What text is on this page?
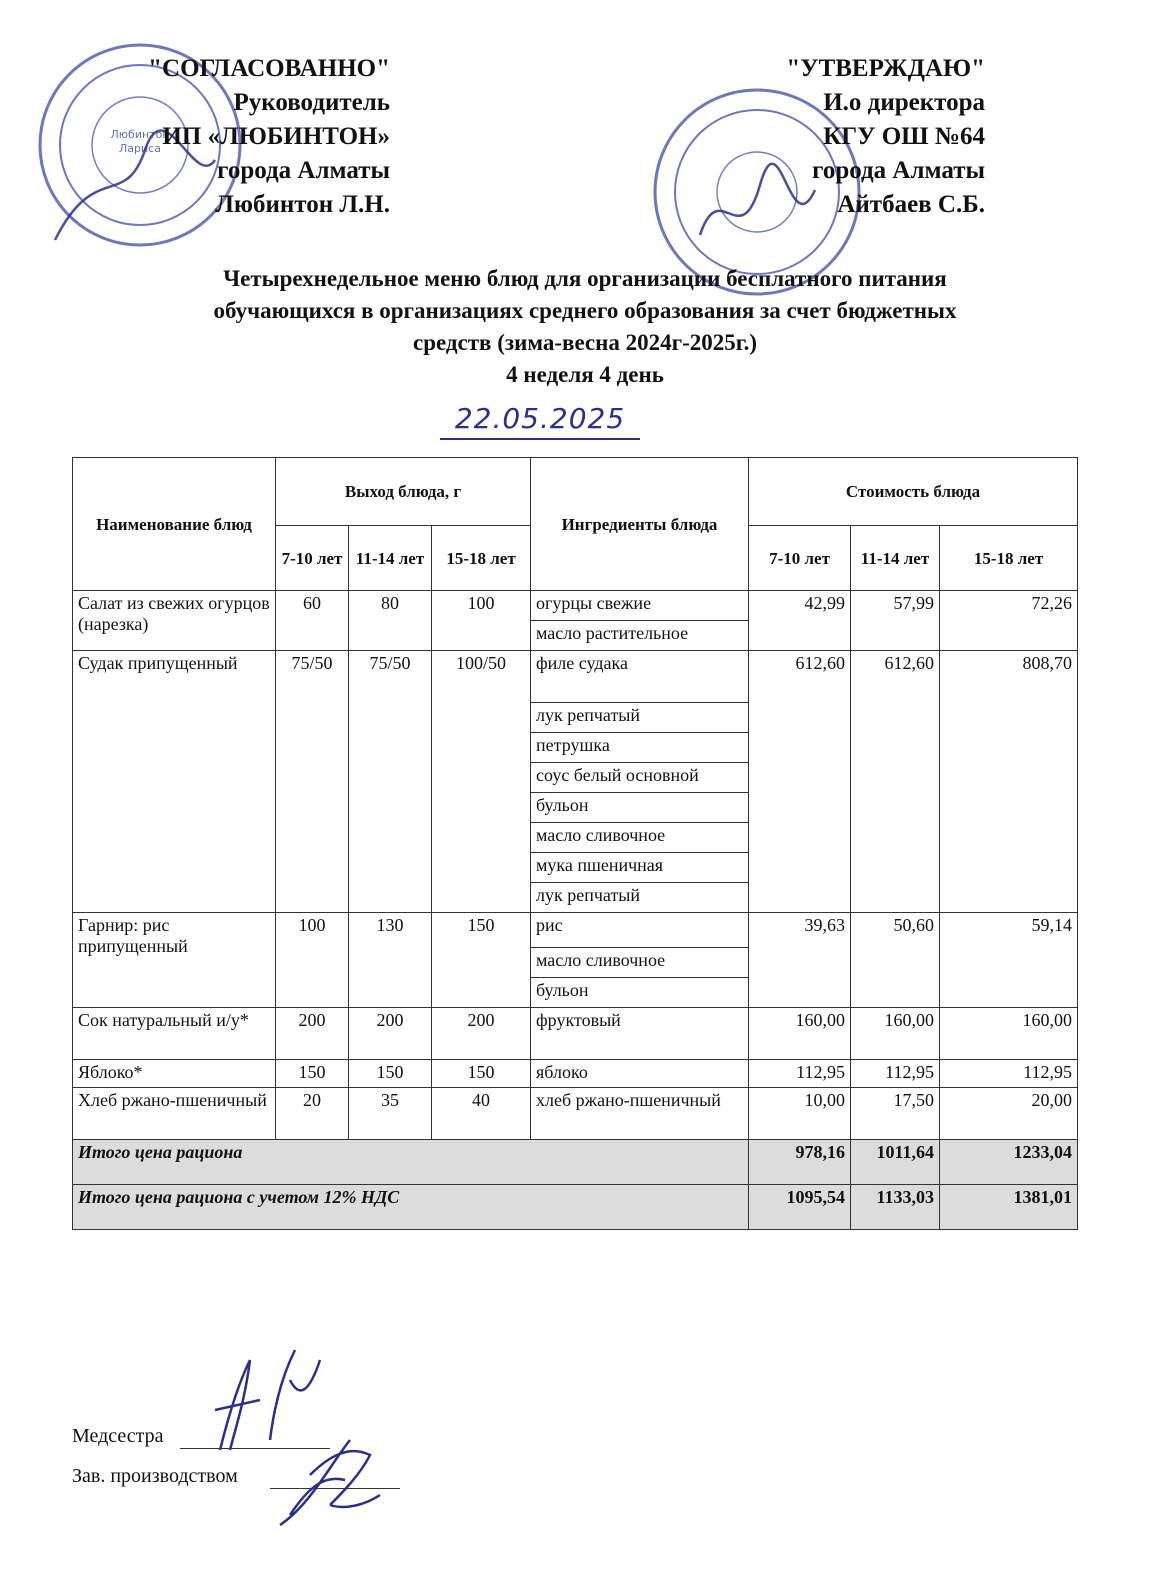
Любинтон
Лариса
"СОГЛАСОВАННО"
Руководитель
ИП «ЛЮБИНТОН»
города Алматы
Любинтон Л.Н.
"УТВЕРЖДАЮ"
И.о директора
КГУ ОШ №64
города Алматы
Айтбаев С.Б.
Четырехнедельное меню блюд для организации бесплатного питания
обучающихся в организациях среднего образования за счет бюджетных
средств (зима-весна 2024г-2025г.)
4 неделя 4 день
22.05.2025
Наименование блюд	Выход блюда, г			Ингредиенты блюда	Стоимость блюда		
	7-10 лет	11-14 лет	15-18 лет		7-10 лет	11-14 лет	15-18 лет
Салат из свежих огурцов (нарезка)	60	80	100	огурцы свежие	42,99	57,99	72,26
				масло растительное			
Судак припущенный	75/50	75/50	100/50	филе судака	612,60	612,60	808,70
				лук репчатый			
				петрушка			
				соус белый основной			
				бульон			
				масло сливочное			
				мука пшеничная			
				лук репчатый			
Гарнир: рис припущенный	100	130	150	рис	39,63	50,60	59,14
				масло сливочное			
				бульон			
Сок натуральный и/у*	200	200	200	фруктовый	160,00	160,00	160,00
Яблоко*	150	150	150	яблоко	112,95	112,95	112,95
Хлеб ржано-пшеничный	20	35	40	хлеб ржано-пшеничный	10,00	17,50	20,00
Итого цена рациона					978,16	1011,64	1233,04
Итого цена рациона с учетом 12% НДС					1095,54	1133,03	1381,01
Медсестра
Зав. производством
